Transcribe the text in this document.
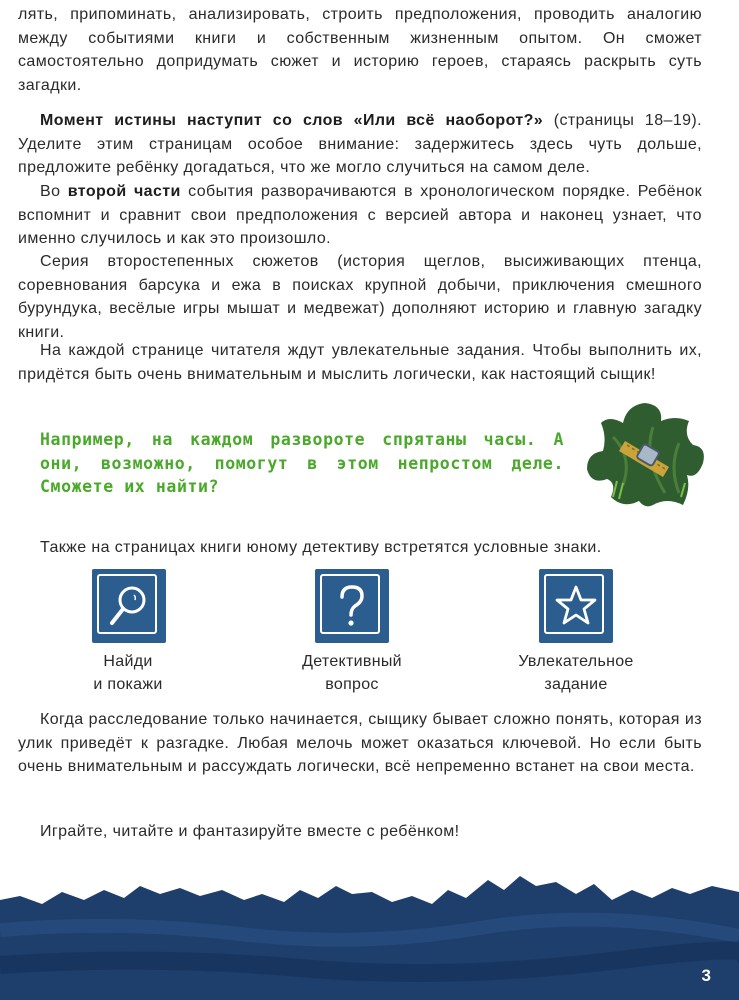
лять, припоминать, анализировать, строить предположения, проводить аналогию между событиями книги и собственным жизненным опытом. Он сможет самостоятельно допридумать сюжет и историю героев, стараясь раскрыть суть загадки.

Момент истины наступит со слов «Или всё наоборот?» (страницы 18–19). Уделите этим страницам особое внимание: задержитесь здесь чуть дольше, предложите ребёнку догадаться, что же могло случиться на самом деле.

Во второй части события разворачиваются в хронологическом порядке. Ребёнок вспомнит и сравнит свои предположения с версией автора и наконец узнает, что именно случилось и как это произошло.

Серия второстепенных сюжетов (история щеглов, высиживающих птенца, соревнования барсука и ежа в поисках крупной добычи, приключения смешного бурундука, весёлые игры мышат и медвежат) дополняют историю и главную загадку книги.

На каждой странице читателя ждут увлекательные задания. Чтобы выполнить их, придётся быть очень внимательным и мыслить логически, как настоящий сыщик!

Например, на каждом развороте спрятаны часы. А они, возможно, помогут в этом непростом деле. Сможете их найти?

Также на страницах книги юному детективу встретятся условные знаки.

Найди
и покажи
Детективный
вопрос
Увлекательное
задание

Когда расследование только начинается, сыщику бывает сложно понять, которая из улик приведёт к разгадке. Любая мелочь может оказаться ключевой. Но если быть очень внимательным и рассуждать логически, всё непременно встанет на свои места.

Играйте, читайте и фантазируйте вместе с ребёнком!

3
